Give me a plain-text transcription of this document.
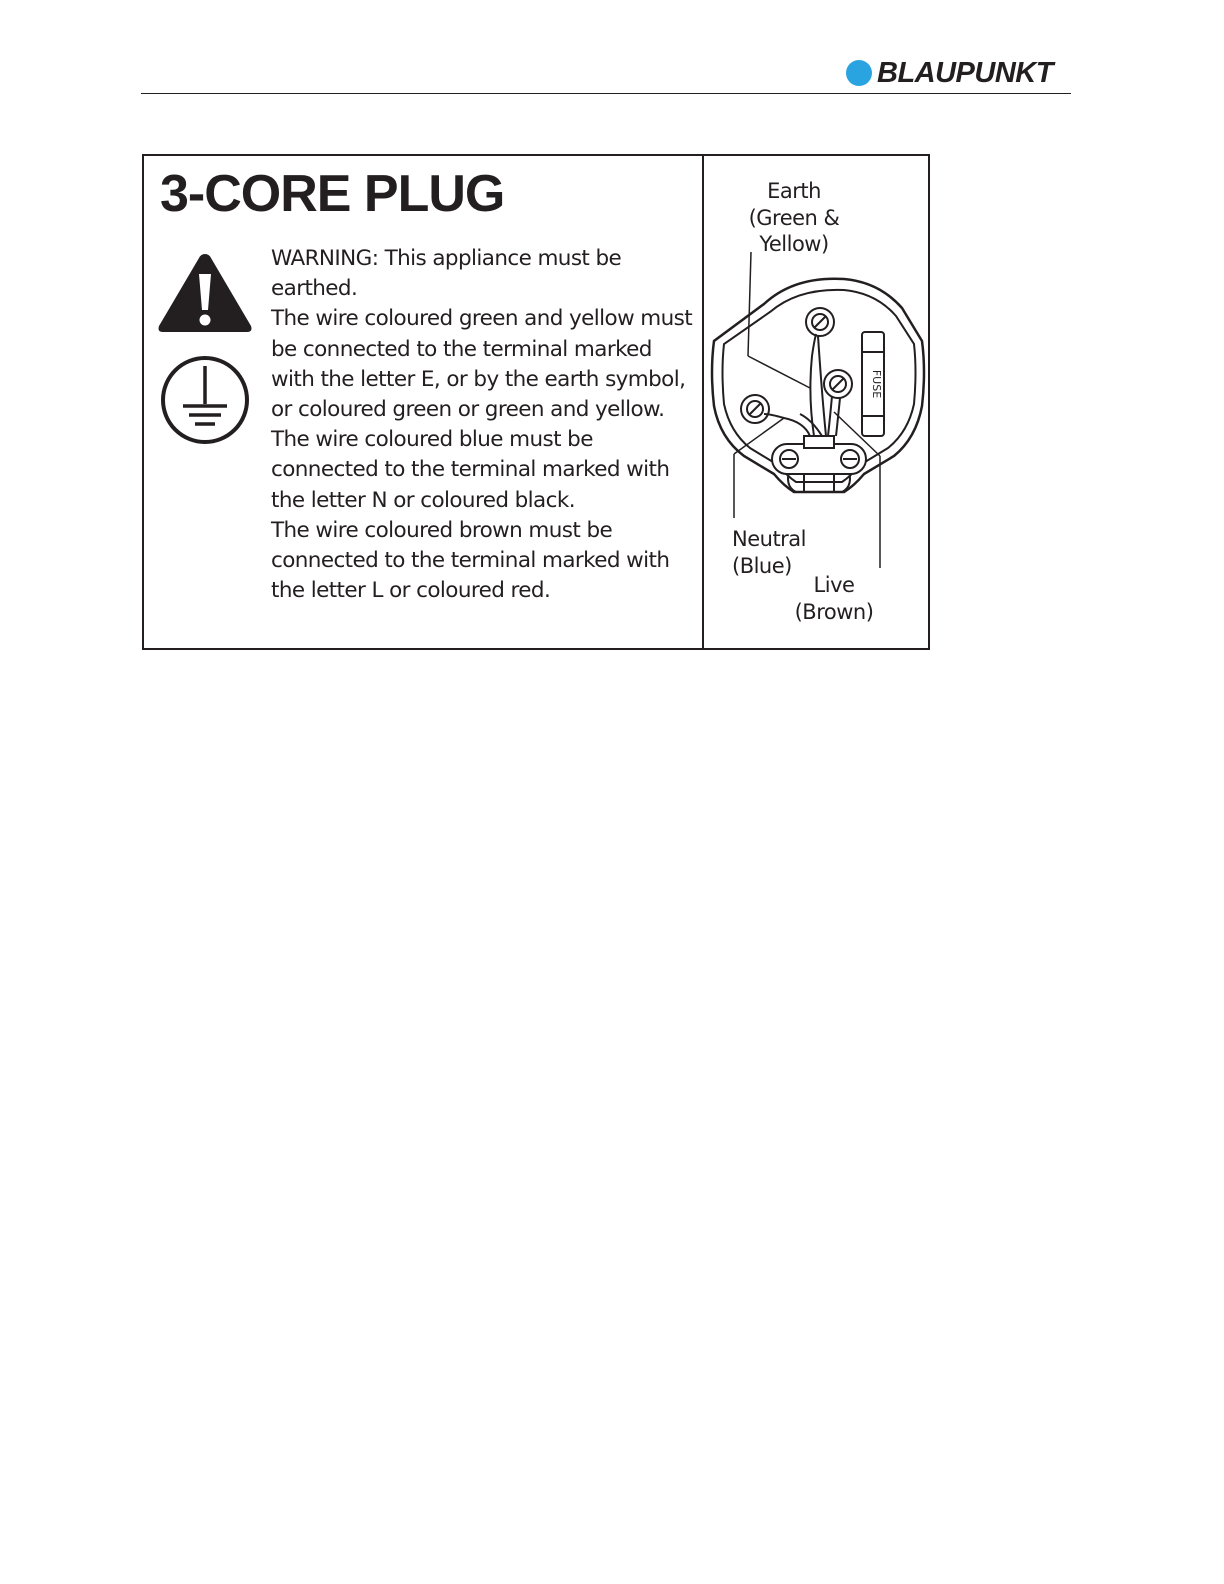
BLAUPUNKT
3-CORE PLUG

WARNING: This appliance must be earthed.

The wire coloured green and yellow must be connected to the terminal marked with the letter E, or by the earth symbol, or coloured green or green and yellow.

The wire coloured blue must be connected to the terminal marked with the letter N or coloured black.

The wire coloured brown must be connected to the terminal marked with the letter L or coloured red.

Earth
(Green &
Yellow)
FUSE
Neutral
(Blue)
Live
(Brown)
